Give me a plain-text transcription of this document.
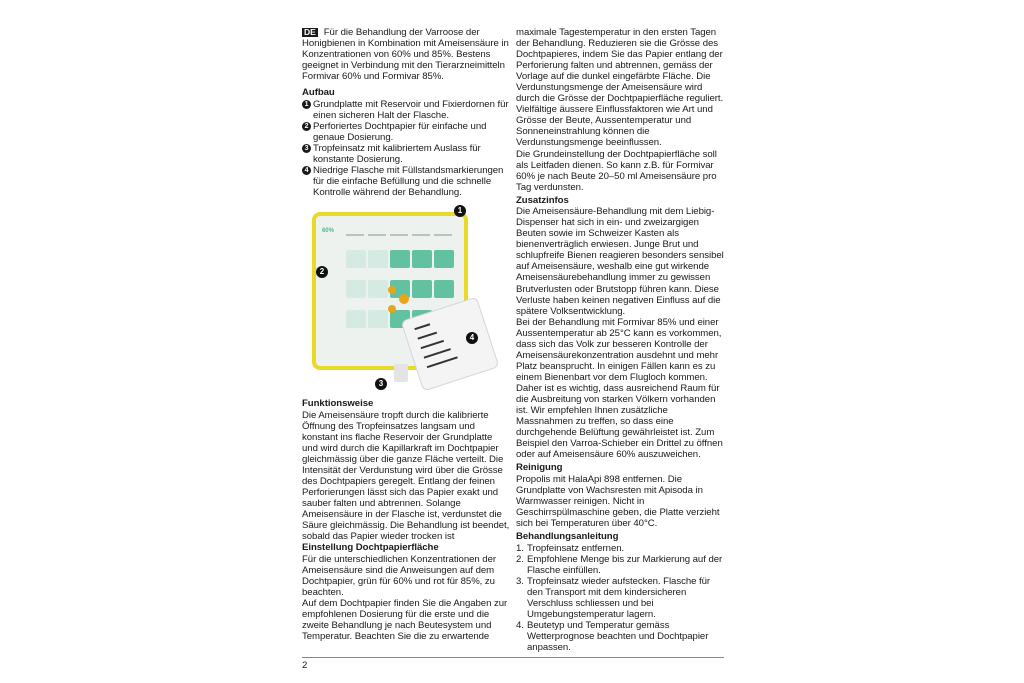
DE Für die Behandlung der Varroose der Honigbienen in Kombination mit Ameisensäure in Konzentrationen von 60% und 85%. Bestens geeignet in Verbindung mit den Tierarzneimitteln Formivar 60% und Formivar 85%.

Aufbau
1 Grundplatte mit Reservoir und Fixierdornen für einen sicheren Halt der Flasche.
2 Perforiertes Dochtpapier für einfache und genaue Dosierung.
3 Tropfeinsatz mit kalibriertem Auslass für konstante Dosierung.
4 Niedrige Flasche mit Füllstandsmarkierungen für die einfache Befüllung und die schnelle Kontrolle während der Behandlung.
60%
1
2
3
4
Funktionsweise

Die Ameisensäure tropft durch die kalibrierte Öffnung des Tropfeinsatzes langsam und konstant ins flache Reservoir der Grundplatte und wird durch die Kapillarkraft im Dochtpapier gleichmässig über die ganze Fläche verteilt. Die Intensität der Verdunstung wird über die Grösse des Dochtpapiers geregelt. Entlang der feinen Perforierungen lässt sich das Papier exakt und sauber falten und abtrennen. Solange Ameisensäure in der Flasche ist, verdunstet die Säure gleichmässig. Die Behandlung ist beendet, sobald das Papier wieder trocken ist

Einstellung Dochtpapierfläche

Für die unterschiedlichen Konzentrationen der Ameisensäure sind die Anweisungen auf dem Dochtpapier, grün für 60% und rot für 85%, zu beachten.

Auf dem Dochtpapier finden Sie die Angaben zur empfohlenen Dosierung für die erste und die zweite Behandlung je nach Beutesystem und Temperatur. Beachten Sie die zu erwartende

maximale Tagestemperatur in den ersten Tagen der Behandlung. Reduzieren sie die Grösse des Dochtpapieres, indem Sie das Papier entlang der Perforierung falten und abtrennen, gemäss der Vorlage auf die dunkel eingefärbte Fläche. Die Verdunstungsmenge der Ameisensäure wird durch die Grösse der Dochtpapierfläche reguliert. Vielfältige äussere Einflussfaktoren wie Art und Grösse der Beute, Aussentemperatur und Sonneneinstrahlung können die Verdunstungsmenge beeinflussen.

Die Grundeinstellung der Dochtpapierfläche soll als Leitfaden dienen. So kann z.B. für Formivar 60% je nach Beute 20–50 ml Ameisensäure pro Tag verdunsten.

Zusatzinfos

Die Ameisensäure-Behandlung mit dem Liebig-Dispenser hat sich in ein- und zweizargigen Beuten sowie im Schweizer Kasten als bienenverträglich erwiesen. Junge Brut und schlupfreife Bienen reagieren besonders sensibel auf Ameisensäure, weshalb eine gut wirkende Ameisensäurebehandlung immer zu gewissen Brutverlusten oder Brutstopp führen kann. Diese Verluste haben keinen negativen Einfluss auf die spätere Volksentwicklung.

Bei der Behandlung mit Formivar 85% und einer Aussentemperatur ab 25°C kann es vorkommen, dass sich das Volk zur besseren Kontrolle der Ameisensäurekonzentration ausdehnt und mehr Platz beansprucht. In einigen Fällen kann es zu einem Bienenbart vor dem Flugloch kommen. Daher ist es wichtig, dass ausreichend Raum für die Ausbreitung von starken Völkern vorhanden ist. Wir empfehlen Ihnen zusätzliche Massnahmen zu treffen, so dass eine durchgehende Belüftung gewährleistet ist. Zum Beispiel den Varroa-Schieber ein Drittel zu öffnen oder auf Ameisensäure 60% auszuweichen.

Reinigung

Propolis mit HalaApi 898 entfernen. Die Grundplatte von Wachsresten mit Apisoda in Warmwasser reinigen. Nicht in Geschirrspülmaschine geben, die Platte verzieht sich bei Temperaturen über 40°C.

Behandlungsanleitung
1. Tropfeinsatz entfernen.
2. Empfohlene Menge bis zur Markierung auf der Flasche einfüllen.
3. Tropfeinsatz wieder aufstecken. Flasche für den Transport mit dem kindersicheren Verschluss schliessen und bei Umgebungstemperatur lagern.
4. Beutetyp und Temperatur gemäss Wetterprognose beachten und Dochtpapier anpassen.
2
